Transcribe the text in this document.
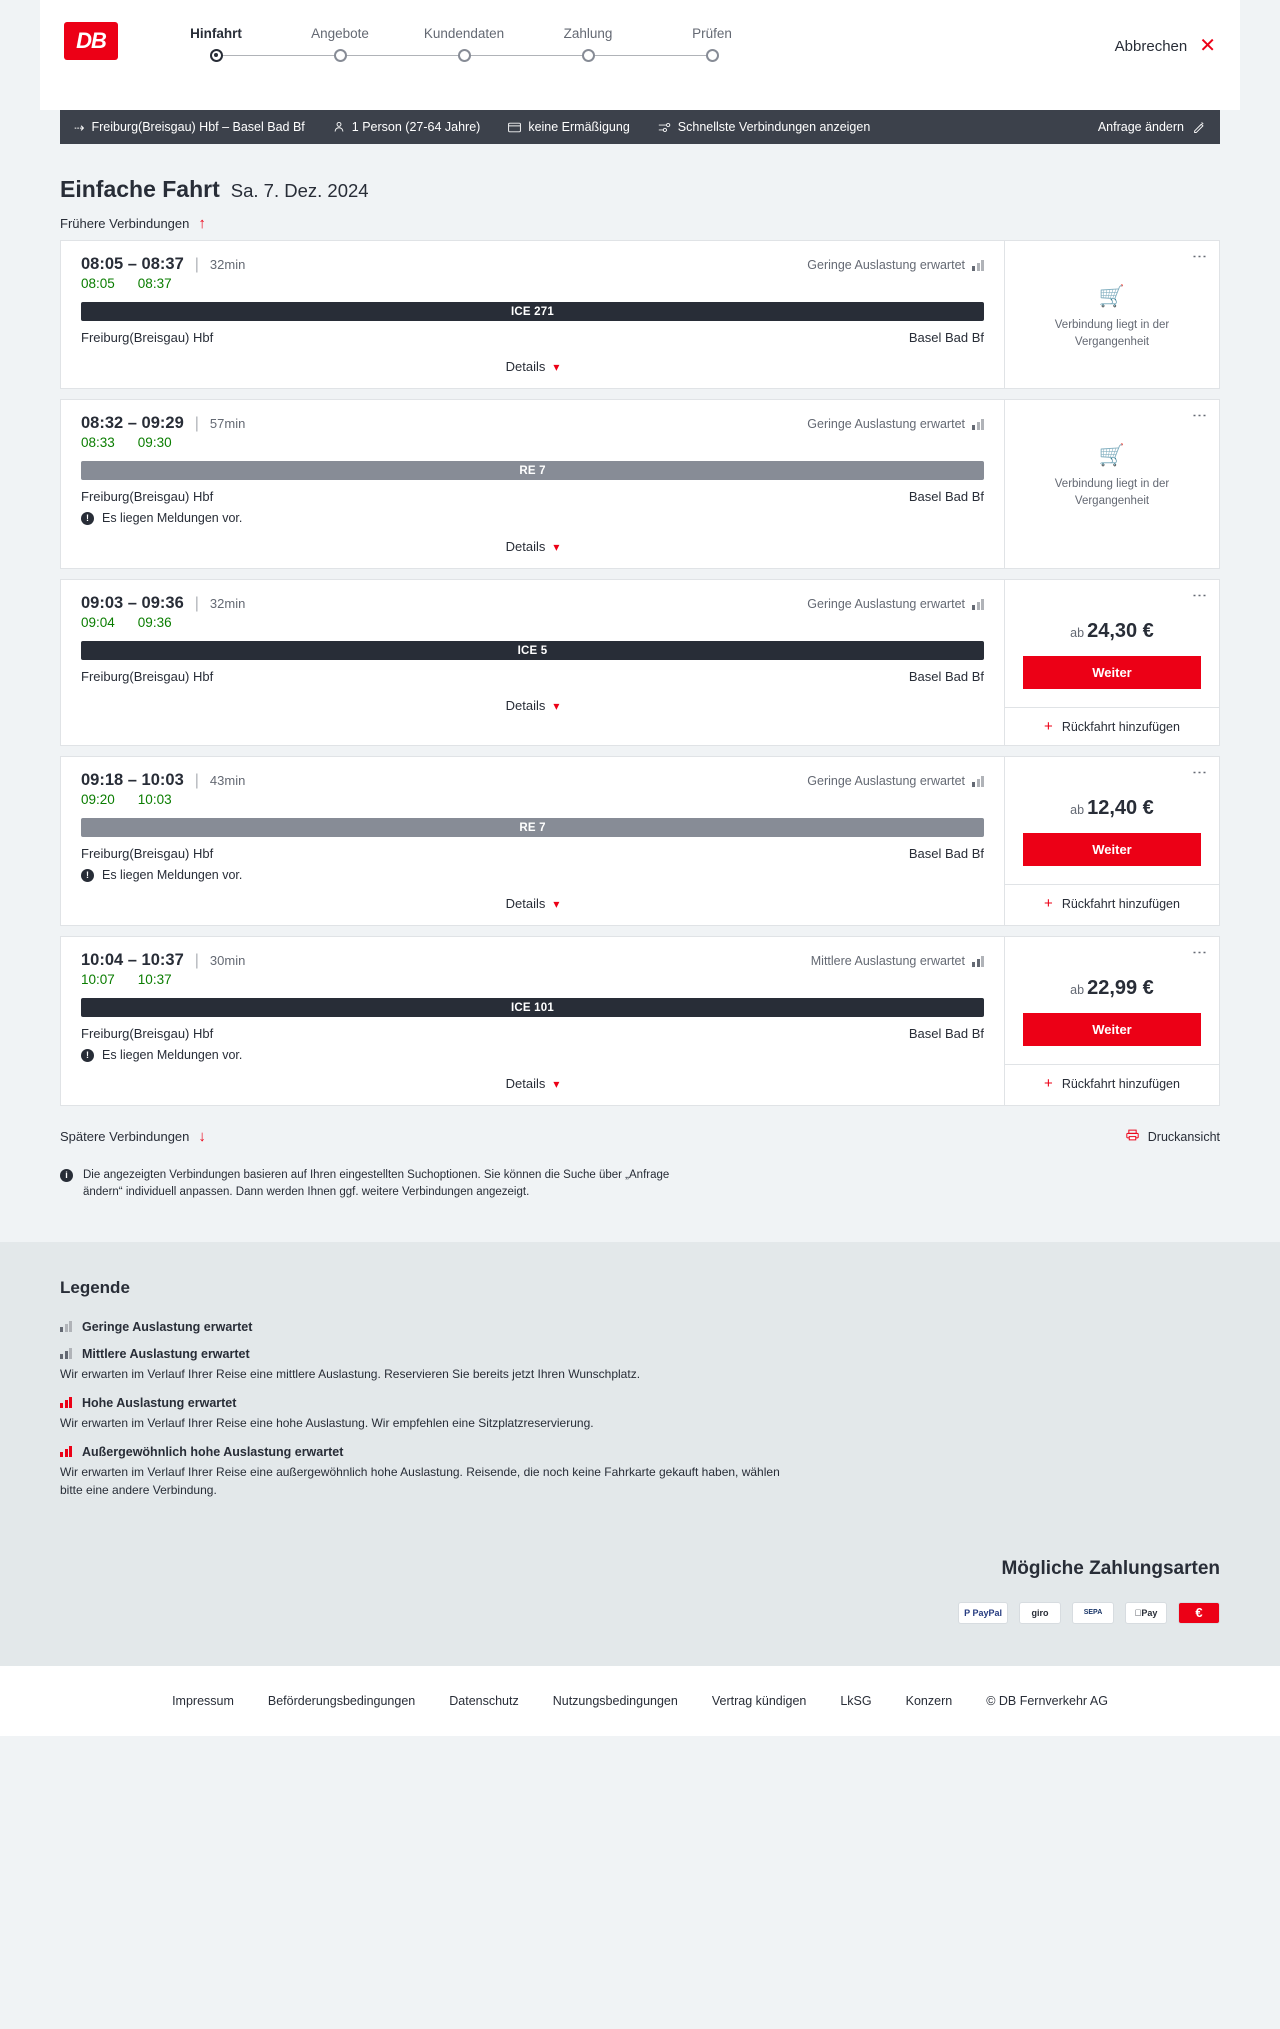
DB	Hinfahrt	Angebote	Kundendaten	Zahlung	Prüfen
Abbrechen ✕
⇢ Freiburg(Breisgau) Hbf – Basel Bad Bf	1 Person (27-64 Jahre)	keine Ermäßigung	Schnellste Verbindungen anzeigen	Anfrage ändern
Einfache Fahrt Sa. 7. Dez. 2024
Frühere Verbindungen ↑
08:05 – 08:37 | 32min	Geringe Auslastung erwartet
08:05 08:37
ICE 271
Freiburg(Breisgau) Hbf	Basel Bad Bf
Details ▾
⋮
🛒
Verbindung liegt in der Vergangenheit
08:32 – 09:29 | 57min	Geringe Auslastung erwartet
08:33 09:30
RE 7
Freiburg(Breisgau) Hbf	Basel Bad Bf
!	Es liegen Meldungen vor.
Details ▾
⋮
🛒
Verbindung liegt in der Vergangenheit
09:03 – 09:36 | 32min	Geringe Auslastung erwartet
09:04 09:36
ICE 5
Freiburg(Breisgau) Hbf	Basel Bad Bf
Details ▾
⋮
ab 24,30 €
Weiter
+ Rückfahrt hinzufügen
09:18 – 10:03 | 43min	Geringe Auslastung erwartet
09:20 10:03
RE 7
Freiburg(Breisgau) Hbf	Basel Bad Bf
!	Es liegen Meldungen vor.
Details ▾
⋮
ab 12,40 €
Weiter
+ Rückfahrt hinzufügen
10:04 – 10:37 | 30min	Mittlere Auslastung erwartet
10:07 10:37
ICE 101
Freiburg(Breisgau) Hbf	Basel Bad Bf
!	Es liegen Meldungen vor.
Details ▾
⋮
ab 22,99 €
Weiter
+ Rückfahrt hinzufügen
Spätere Verbindungen ↓	Druckansicht
i	Die angezeigten Verbindungen basieren auf Ihren eingestellten Suchoptionen. Sie können die Suche über „Anfrage ändern“ individuell anpassen. Dann werden Ihnen ggf. weitere Verbindungen angezeigt.
Legende
Geringe Auslastung erwartet
Mittlere Auslastung erwartet
Wir erwarten im Verlauf Ihrer Reise eine mittlere Auslastung. Reservieren Sie bereits jetzt Ihren Wunschplatz.
Hohe Auslastung erwartet
Wir erwarten im Verlauf Ihrer Reise eine hohe Auslastung. Wir empfehlen eine Sitzplatzreservierung.
Außergewöhnlich hohe Auslastung erwartet
Wir erwarten im Verlauf Ihrer Reise eine außergewöhnlich hohe Auslastung. Reisende, die noch keine Fahrkarte gekauft haben, wählen bitte eine andere Verbindung.
Mögliche Zahlungsarten
P PayPal	giro	SEPA	Pay	€
Impressum	Beförderungsbedingungen	Datenschutz	Nutzungsbedingungen	Vertrag kündigen	LkSG	Konzern	© DB Fernverkehr AG
